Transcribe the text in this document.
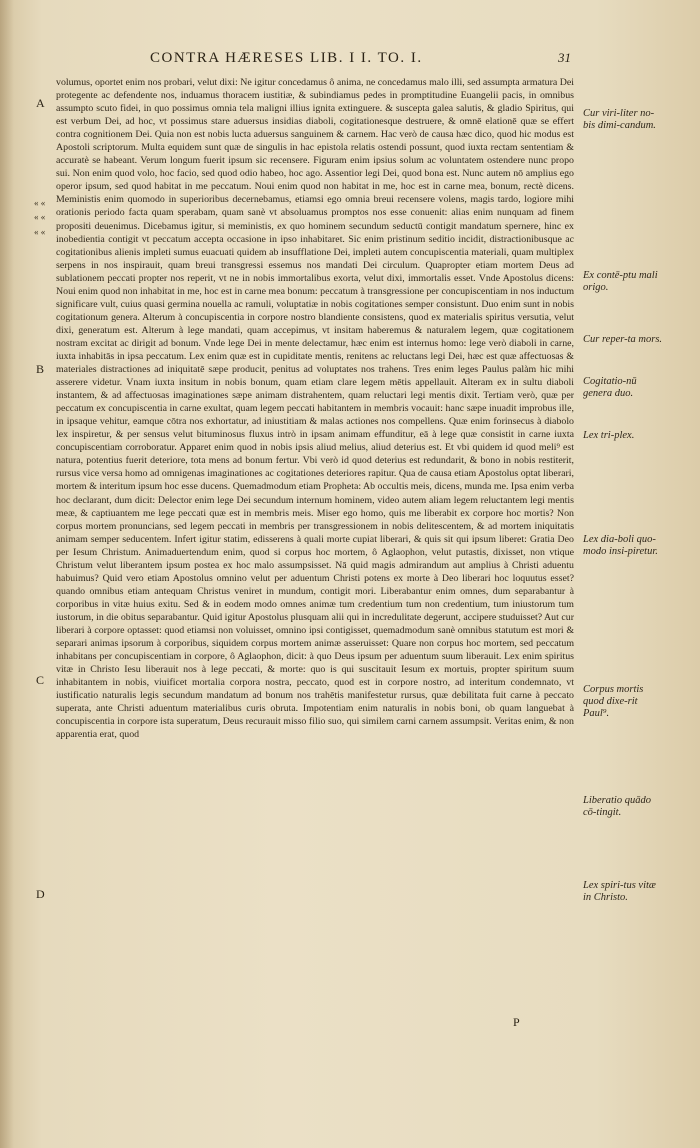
CONTRA HÆRESES LIB. I I. TO. I.	31
A
B
C
D
« «
« «
« «

volumus, oportet enim nos probari, velut dixi: Ne igitur concedamus ô anima, ne concedamus malo illi, sed assumpta armatura Dei protegente ac defendente nos, induamus thoracem iustitiæ, & subindiamus pedes in promptitudine Euangelii pacis, in omnibus assumpto scuto fidei, in quo possimus omnia tela maligni illius ignita extinguere. & suscepta galea salutis, & gladio Spiritus, qui est verbum Dei, ad hoc, vt possimus stare aduersus insidias diaboli, cogitationesque destruere, & omnē elationē quæ se effert contra cognitionem Dei. Quia non est nobis lucta aduersus sanguinem & carnem. Hac verò de causa hæc dico, quod hic modus est Apostoli scriptorum. Multa equidem sunt quæ de singulis in hac epistola relatis ostendi possunt, quod iuxta rectam sententiam & accuratè se habeant. Verum longum fuerit ipsum sic recensere. Figuram enim ipsius solum ac voluntatem ostendere nunc propo sui. Non enim quod volo, hoc facio, sed quod odio habeo, hoc ago. Assentior legi Dei, quod bona est. Nunc autem nō amplius ego operor ipsum, sed quod habitat in me peccatum. Noui enim quod non habitat in me, hoc est in carne mea, bonum, rectè dicens. Meministis enim quomodo in superioribus decernebamus, etiamsi ego omnia breui recensere volens, magis tardo, logiore mihi orationis periodo facta quam sperabam, quam sanè vt absoluamus promptos nos esse conuenit: alias enim nunquam ad finem propositi deuenimus. Dicebamus igitur, si meministis, ex quo hominem secundum seductū contigit mandatum spernere, hinc ex inobedientia contigit vt peccatum accepta occasione in ipso inhabitaret. Sic enim pristinum seditio incidit, distractionibusque ac cogitationibus alienis impleti sumus euacuati quidem ab insufflatione Dei, impleti autem concupiscentia materiali, quam multiplex serpens in nos inspirauit, quam breui transgressi essemus nos mandati Dei circulum. Quapropter etiam mortem Deus ad sublationem peccati propter nos reperit, vt ne in nobis immortalibus exorta, velut dixi, immortalis esset. Vnde Apostolus dicens: Noui enim quod non inhabitat in me, hoc est in carne mea bonum: peccatum à transgressione per concupiscentiam in nos inductum significare vult, cuius quasi germina nouella ac ramuli, voluptatiæ in nobis cogitationes semper consistunt. Duo enim sunt in nobis cogitationum genera. Alterum à concupiscentia in corpore nostro blandiente consistens, quod ex materialis spiritus versutia, velut dixi, generatum est. Alterum à lege mandati, quam accepimus, vt insitam haberemus & naturalem legem, quæ cogitationem nostram excitat ac dirigit ad bonum. Vnde lege Dei in mente delectamur, hæc enim est internus homo: lege verò diaboli in carne, iuxta inhabitās in ipsa peccatum. Lex enim quæ est in cupiditate mentis, renitens ac reluctans legi Dei, hæc est quæ affectuosas & materiales distractiones ad iniquitatē sæpe producit, penitus ad voluptates nos trahens. Tres enim leges Paulus palàm hic mihi asserere videtur. Vnam iuxta insitum in nobis bonum, quam etiam clare legem mētis appellauit. Alteram ex in sultu diaboli instantem, & ad affectuosas imaginationes sæpe animam distrahentem, quam reluctari legi mentis dixit. Tertiam verò, quæ per peccatum ex concupiscentia in carne exultat, quam legem peccati habitantem in membris vocauit: hanc sæpe inuadit improbus ille, in ipsaque vehitur, eamque cōtra nos exhortatur, ad iniustitiam & malas actiones nos compellens. Quæ enim forinsecus à diabolo lex inspiretur, & per sensus velut bituminosus fluxus intrò in ipsam animam effunditur, eā à lege quæ consistit in carne iuxta concupiscentiam corroboratur. Apparet enim quod in nobis ipsis aliud melius, aliud deterius est. Et vbi quidem id quod meli⁹ est natura, potentius fuerit deteriore, tota mens ad bonum fertur. Vbi verò id quod deterius est redundarit, & bono in nobis restiterit, rursus vice versa homo ad omnigenas imaginationes ac cogitationes deteriores rapitur. Qua de causa etiam Apostolus optat liberari, mortem & interitum ipsum hoc esse ducens. Quemadmodum etiam Propheta: Ab occultis meis, dicens, munda me. Ipsa enim verba hoc declarant, dum dicit: Delector enim lege Dei secundum internum hominem, video autem aliam legem reluctantem legi mentis meæ, & captiuantem me lege peccati quæ est in membris meis. Miser ego homo, quis me liberabit ex corpore hoc mortis? Non corpus mortem pronuncians, sed legem peccati in membris per transgressionem in nobis delitescentem, & ad mortem iniquitatis animam semper seducentem. Infert igitur statim, edisserens à quali morte cupiat liberari, & quis sit qui ipsum liberet: Gratia Deo per Iesum Christum. Animaduertendum enim, quod si corpus hoc mortem, ô Aglaophon, velut putastis, dixisset, non vtique Christum velut liberantem ipsum postea ex hoc malo assumpsisset. Nā quid magis admirandum aut amplius à Christi aduentu habuimus? Quid vero etiam Apostolus omnino velut per aduentum Christi potens ex morte à Deo liberari hoc loquutus esset? quando omnibus etiam antequam Christus veniret in mundum, contigit mori. Liberabantur enim omnes, dum separabantur à corporibus in vitæ huius exitu. Sed & in eodem modo omnes animæ tum credentium tum non credentium, tum iniustorum tum iustorum, in die obitus separabantur. Quid igitur Apostolus plusquam alii qui in incredulitate degerunt, accipere studuisset? Aut cur liberari à corpore optasset: quod etiamsi non voluisset, omnino ipsi contigisset, quemadmodum sanè omnibus statutum est mori & separari animas ipsorum à corporibus, siquidem corpus mortem animæ asseruisset: Quare non corpus hoc mortem, sed peccatum inhabitans per concupiscentiam in corpore, ô Aglaophon, dicit: à quo Deus ipsum per aduentum suum liberauit. Lex enim spiritus vitæ in Christo Iesu liberauit nos à lege peccati, & morte: quo is qui suscitauit Iesum ex mortuis, propter spiritum suum inhabitantem in nobis, viuificet mortalia corpora nostra, peccato, quod est in corpore nostro, ad interitum condemnato, vt iustificatio naturalis legis secundum mandatum ad bonum nos trahētis manifestetur rursus, quæ debilitata fuit carne à peccato superata, ante Christi aduentum materialibus curis obruta. Impotentiam enim naturalis in nobis boni, ob quam languebat à concupiscentia in corpore ista superatum, Deus recurauit misso filio suo, qui similem carni carnem assumpsit. Veritas enim, & non apparentia erat, quod

Cur viri-liter no-bis dimi-candum.
Ex contē-ptu mali origo.
Cur reper-ta mors.
Cogitatio-nū genera duo.
Lex tri-plex.
Lex dia-boli quo-modo insi-piretur.
Corpus mortis quod dixe-rit Paul⁹.
Liberatio quādo cō-tingit.
Lex spiri-tus vitæ in Christo.
P
